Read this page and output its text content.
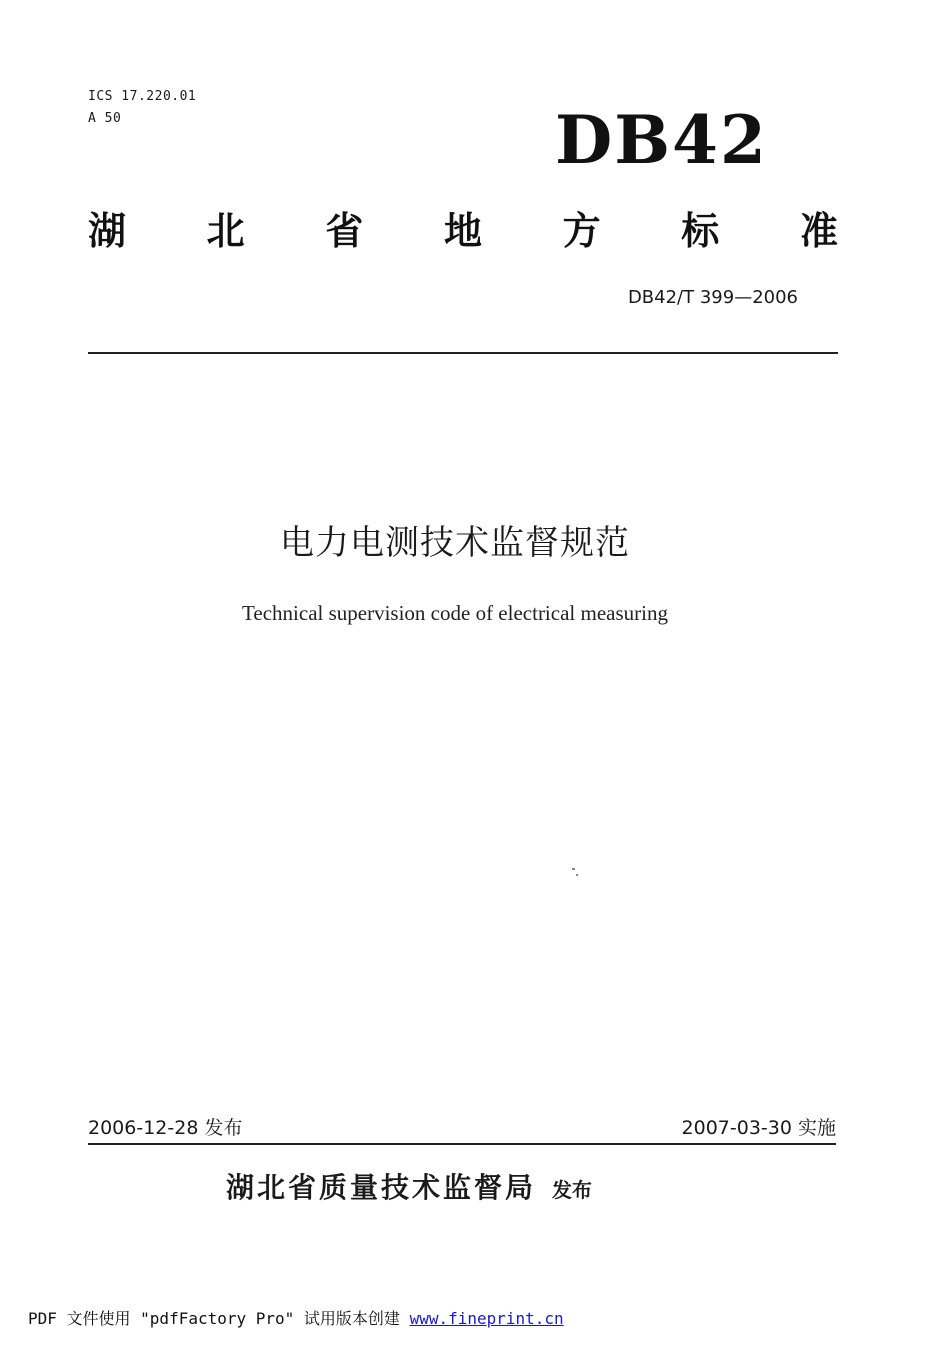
ICS 17.220.01
A 50	DB42
湖 北 省 地 方 标 准
DB42/T 399—2006
电力电测技术监督规范
Technical supervision code of electrical measuring
2006-12-28 发布	2007-03-30 实施
湖北省质量技术监督局 发布
PDF 文件使用 "pdfFactory Pro" 试用版本创建 www.fineprint.cn
